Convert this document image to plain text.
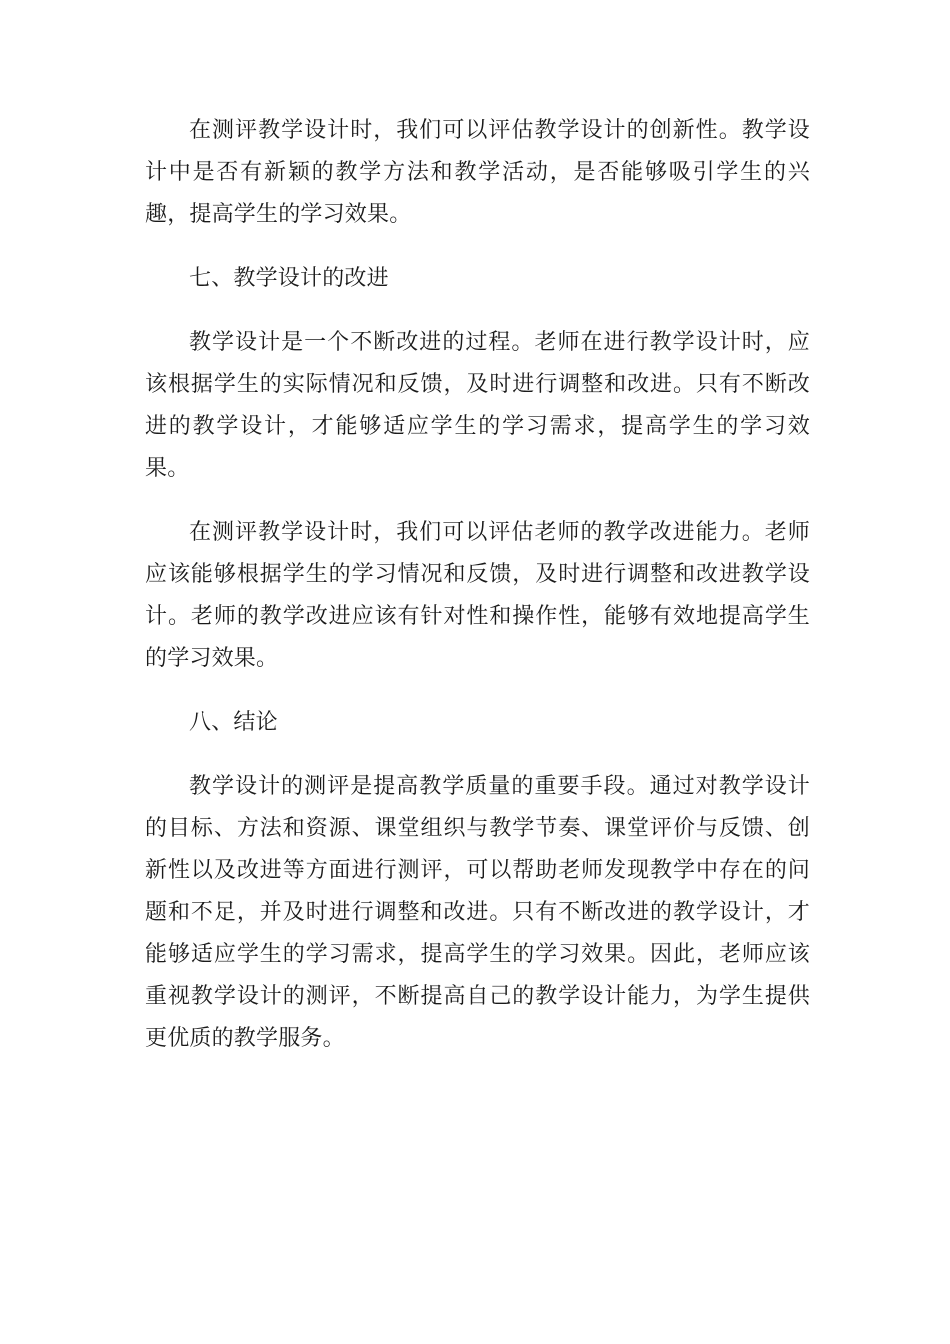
在测评教学设计时，我们可以评估教学设计的创新性。教学设计中是否有新颖的教学方法和教学活动，是否能够吸引学生的兴趣，提高学生的学习效果。

七、教学设计的改进

教学设计是一个不断改进的过程。老师在进行教学设计时，应该根据学生的实际情况和反馈，及时进行调整和改进。只有不断改进的教学设计，才能够适应学生的学习需求，提高学生的学习效果。

在测评教学设计时，我们可以评估老师的教学改进能力。老师应该能够根据学生的学习情况和反馈，及时进行调整和改进教学设计。老师的教学改进应该有针对性和操作性，能够有效地提高学生的学习效果。

八、结论

教学设计的测评是提高教学质量的重要手段。通过对教学设计的目标、方法和资源、课堂组织与教学节奏、课堂评价与反馈、创新性以及改进等方面进行测评，可以帮助老师发现教学中存在的问题和不足，并及时进行调整和改进。只有不断改进的教学设计，才能够适应学生的学习需求，提高学生的学习效果。因此，老师应该重视教学设计的测评，不断提高自己的教学设计能力，为学生提供更优质的教学服务。
